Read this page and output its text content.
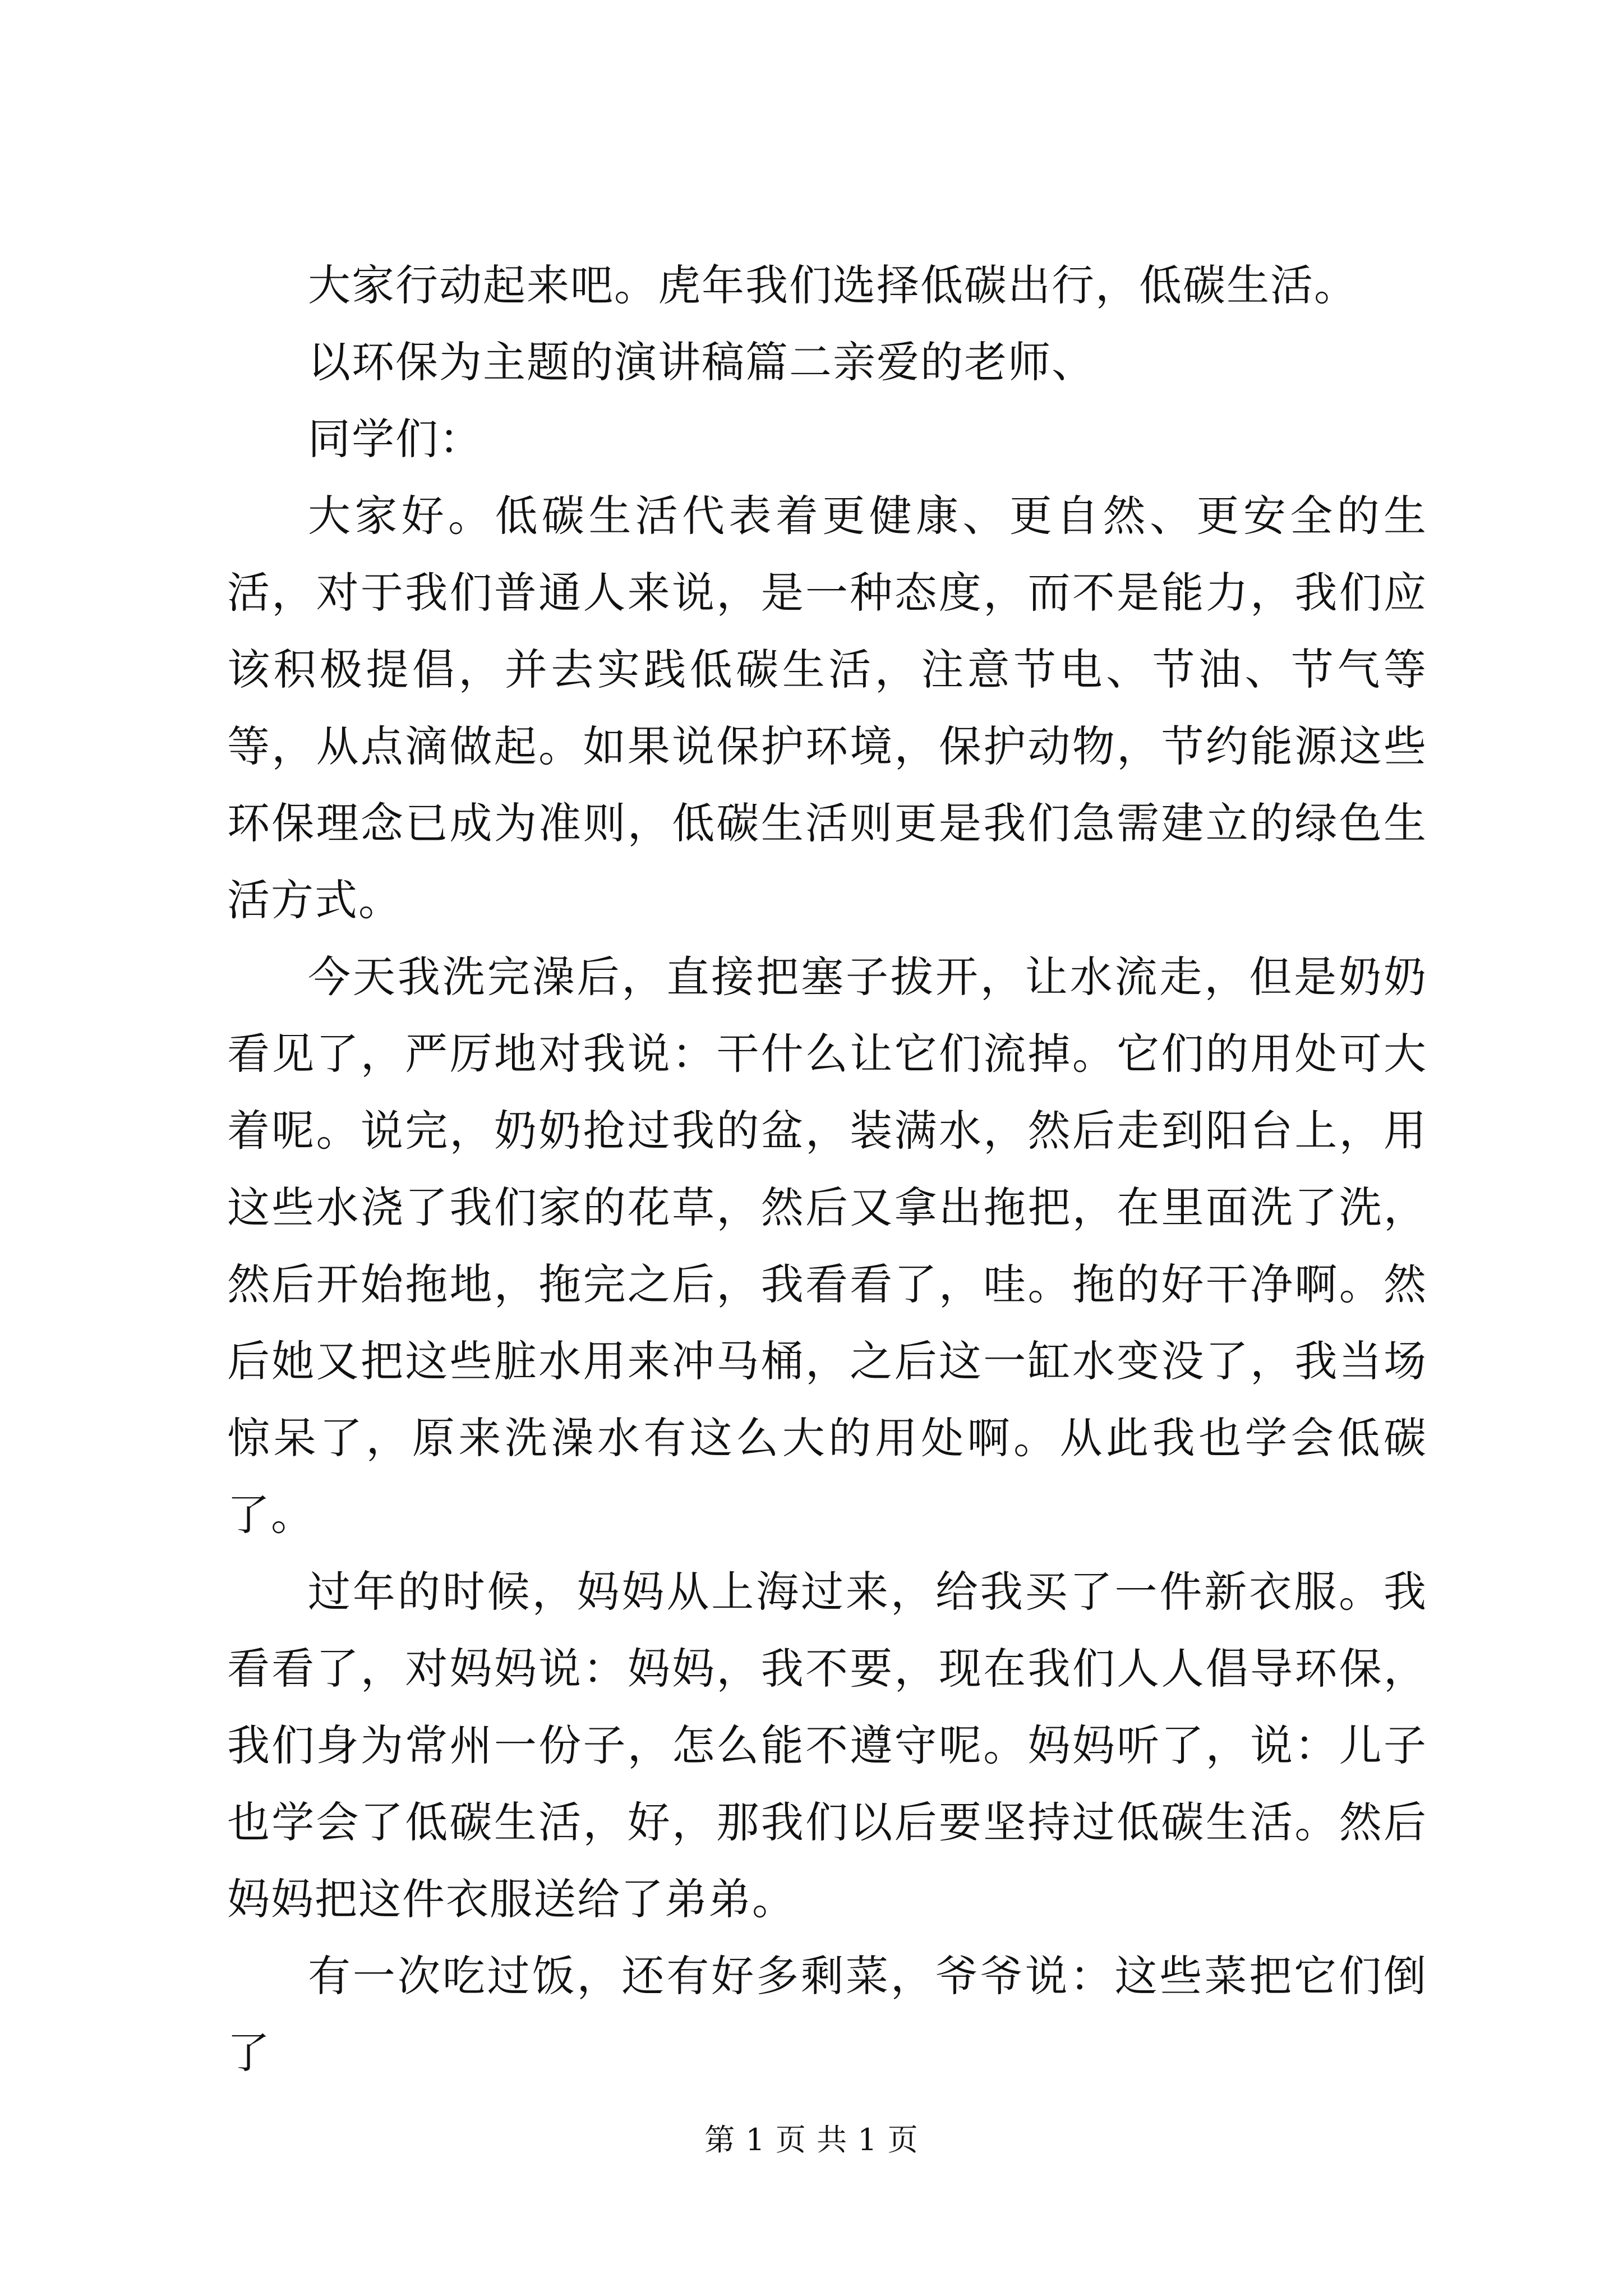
大家行动起来吧。虎年我们选择低碳出行，低碳生活。

以环保为主题的演讲稿篇二亲爱的老师、

同学们：

大家好。低碳生活代表着更健康、更自然、更安全的生活，对于我们普通人来说，是一种态度，而不是能力，我们应该积极提倡，并去实践低碳生活，注意节电、节油、节气等等，从点滴做起。如果说保护环境，保护动物，节约能源这些环保理念已成为准则，低碳生活则更是我们急需建立的绿色生活方式。

今天我洗完澡后，直接把塞子拔开，让水流走，但是奶奶看见了，严厉地对我说：干什么让它们流掉。它们的用处可大着呢。说完，奶奶抢过我的盆，装满水，然后走到阳台上，用这些水浇了我们家的花草，然后又拿出拖把，在里面洗了洗，然后开始拖地，拖完之后，我看看了，哇。拖的好干净啊。然后她又把这些脏水用来冲马桶，之后这一缸水变没了，我当场惊呆了，原来洗澡水有这么大的用处啊。从此我也学会低碳了。

过年的时候，妈妈从上海过来，给我买了一件新衣服。我看看了，对妈妈说：妈妈，我不要，现在我们人人倡导环保，我们身为常州一份子，怎么能不遵守呢。妈妈听了，说：儿子也学会了低碳生活，好，那我们以后要坚持过低碳生活。然后妈妈把这件衣服送给了弟弟。

有一次吃过饭，还有好多剩菜，爷爷说：这些菜把它们倒了

第 1 页 共 1 页
